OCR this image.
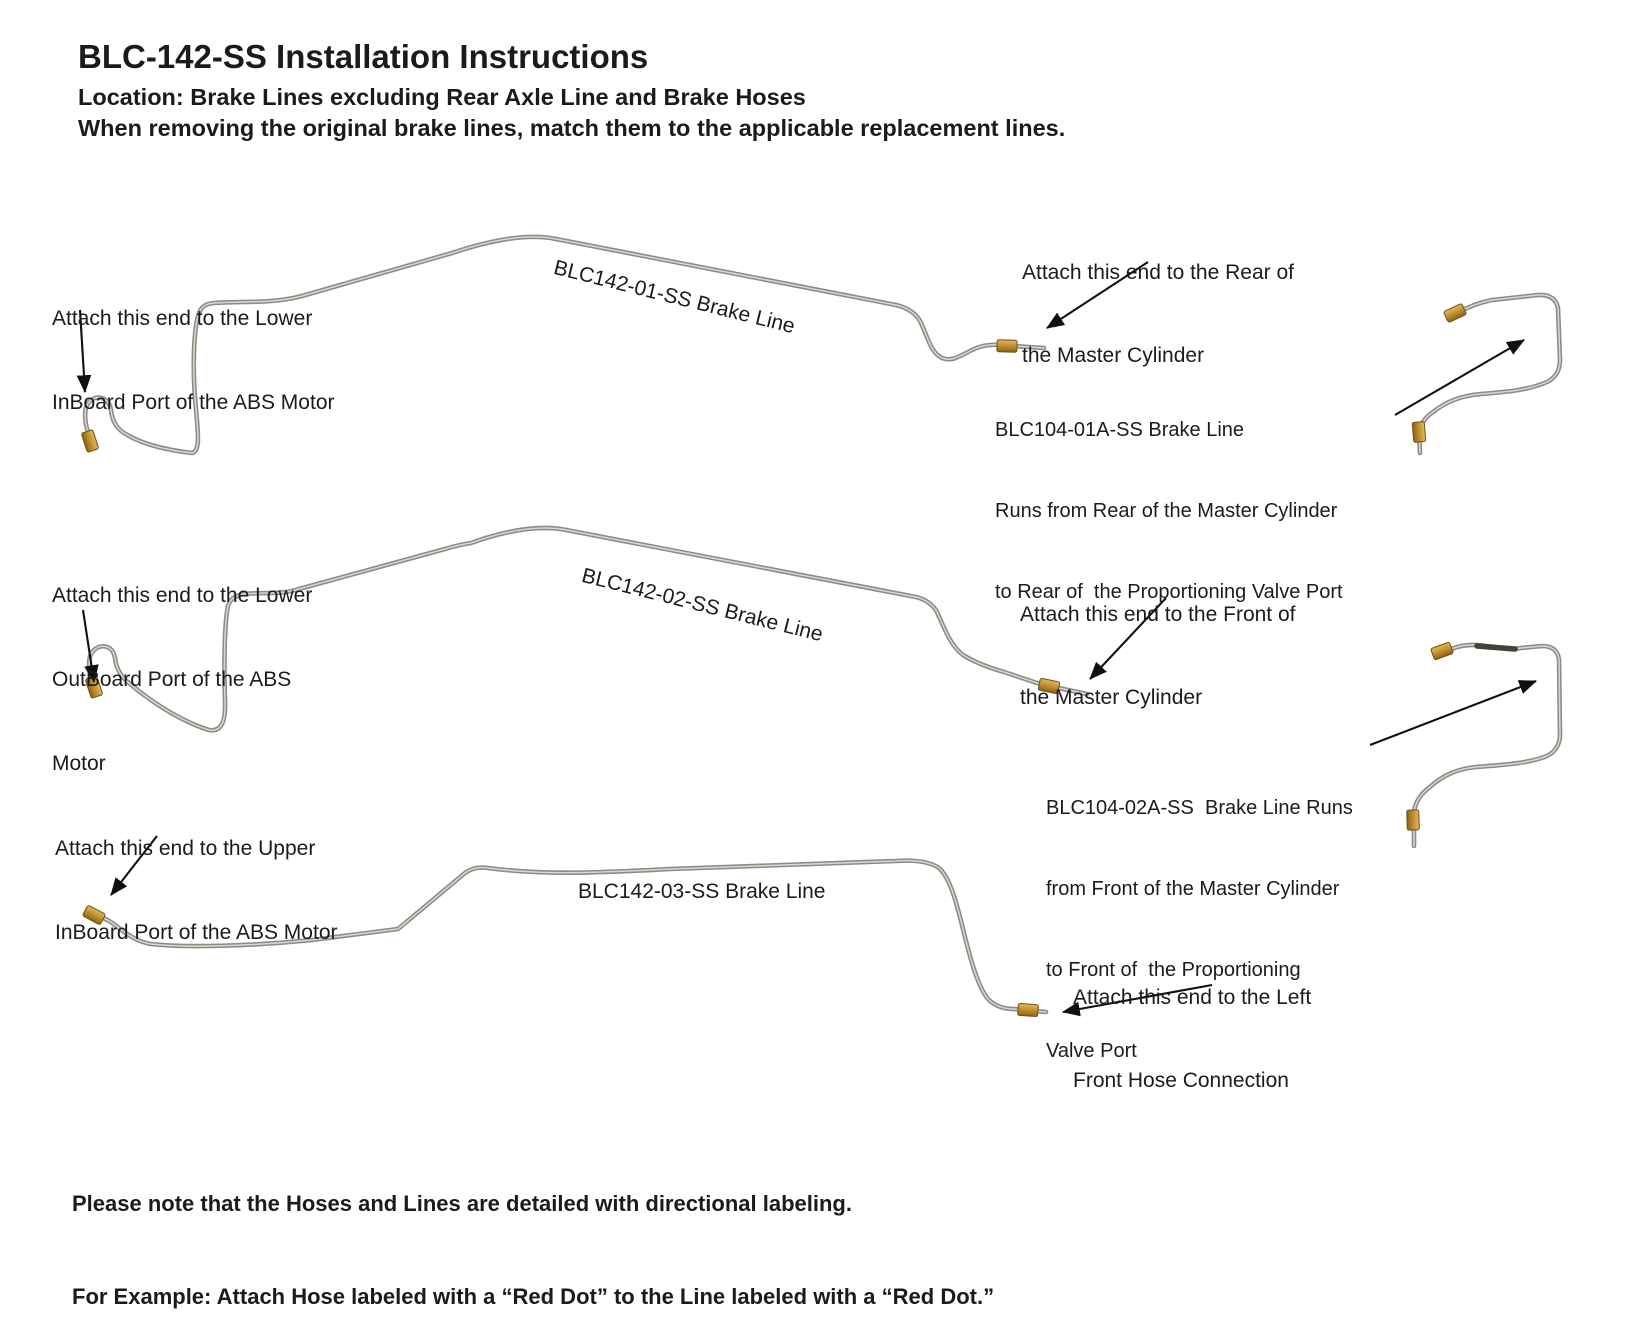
BLC-142-SS Installation Instructions
Location: Brake Lines excluding Rear Axle Line and Brake Hoses
When removing the original brake lines, match them to the applicable replacement lines.
BLC142-01-SS Brake Line
BLC142-02-SS Brake Line
BLC142-03-SS Brake Line

Attach this end to the Lower

InBoard Port of the ABS Motor

Attach this end to the Rear of

the Master Cylinder

BLC104-01A-SS Brake Line

Runs from Rear of the Master Cylinder

to Rear of  the Proportioning Valve Port

Attach this end to the Lower

OutBoard Port of the ABS

Motor

Attach this end to the Front of

the Master Cylinder

BLC104-02A-SS  Brake Line Runs

from Front of the Master Cylinder

to Front of  the Proportioning

Valve Port

Attach this end to the Upper

InBoard Port of the ABS Motor

Attach this end to the Left

Front Hose Connection

Please note that the Hoses and Lines are detailed with directional labeling.

For Example: Attach Hose labeled with a “Red Dot” to the Line labeled with a “Red Dot.”
